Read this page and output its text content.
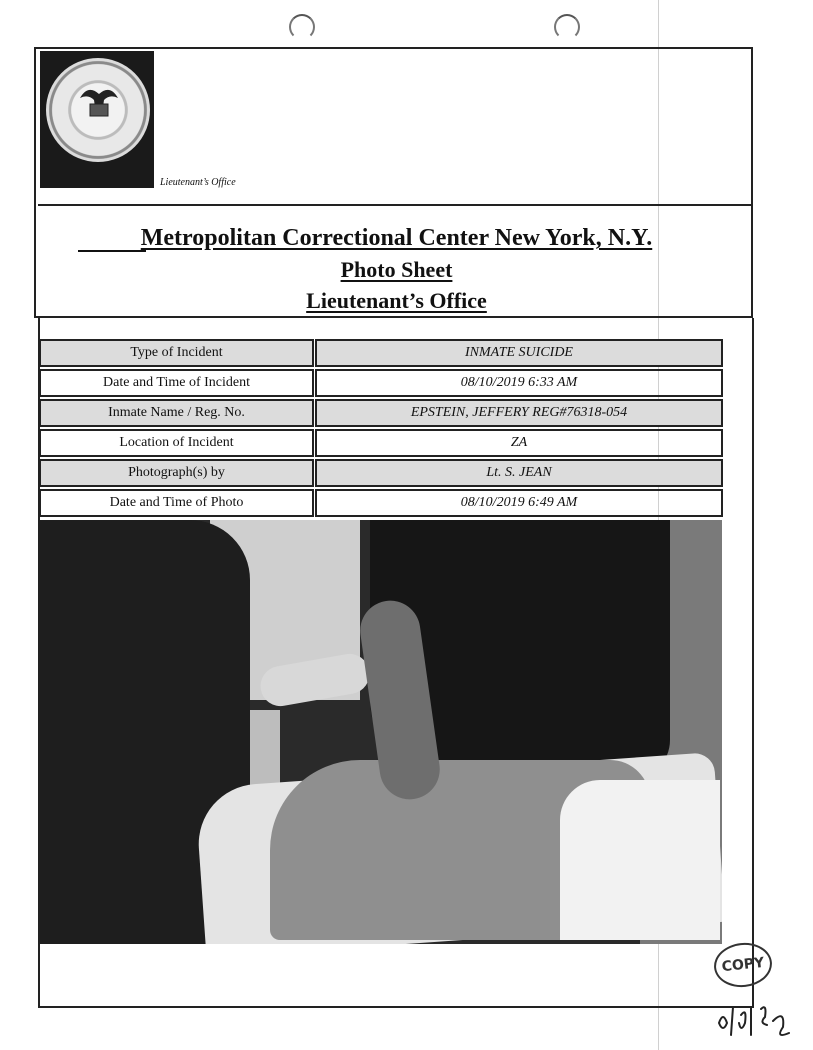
Lieutenant’s Office
Metropolitan Correctional Center New York, N.Y.
Photo Sheet
Lieutenant’s Office
Type of Incident	INMATE SUICIDE
Date and Time of Incident	08/10/2019 6:33 AM
Inmate Name / Reg. No.	EPSTEIN, JEFFERY REG#76318-054
Location of Incident	ZA
Photograph(s) by	Lt. S. JEAN
Date and Time of Photo	08/10/2019 6:49 AM
COPY
